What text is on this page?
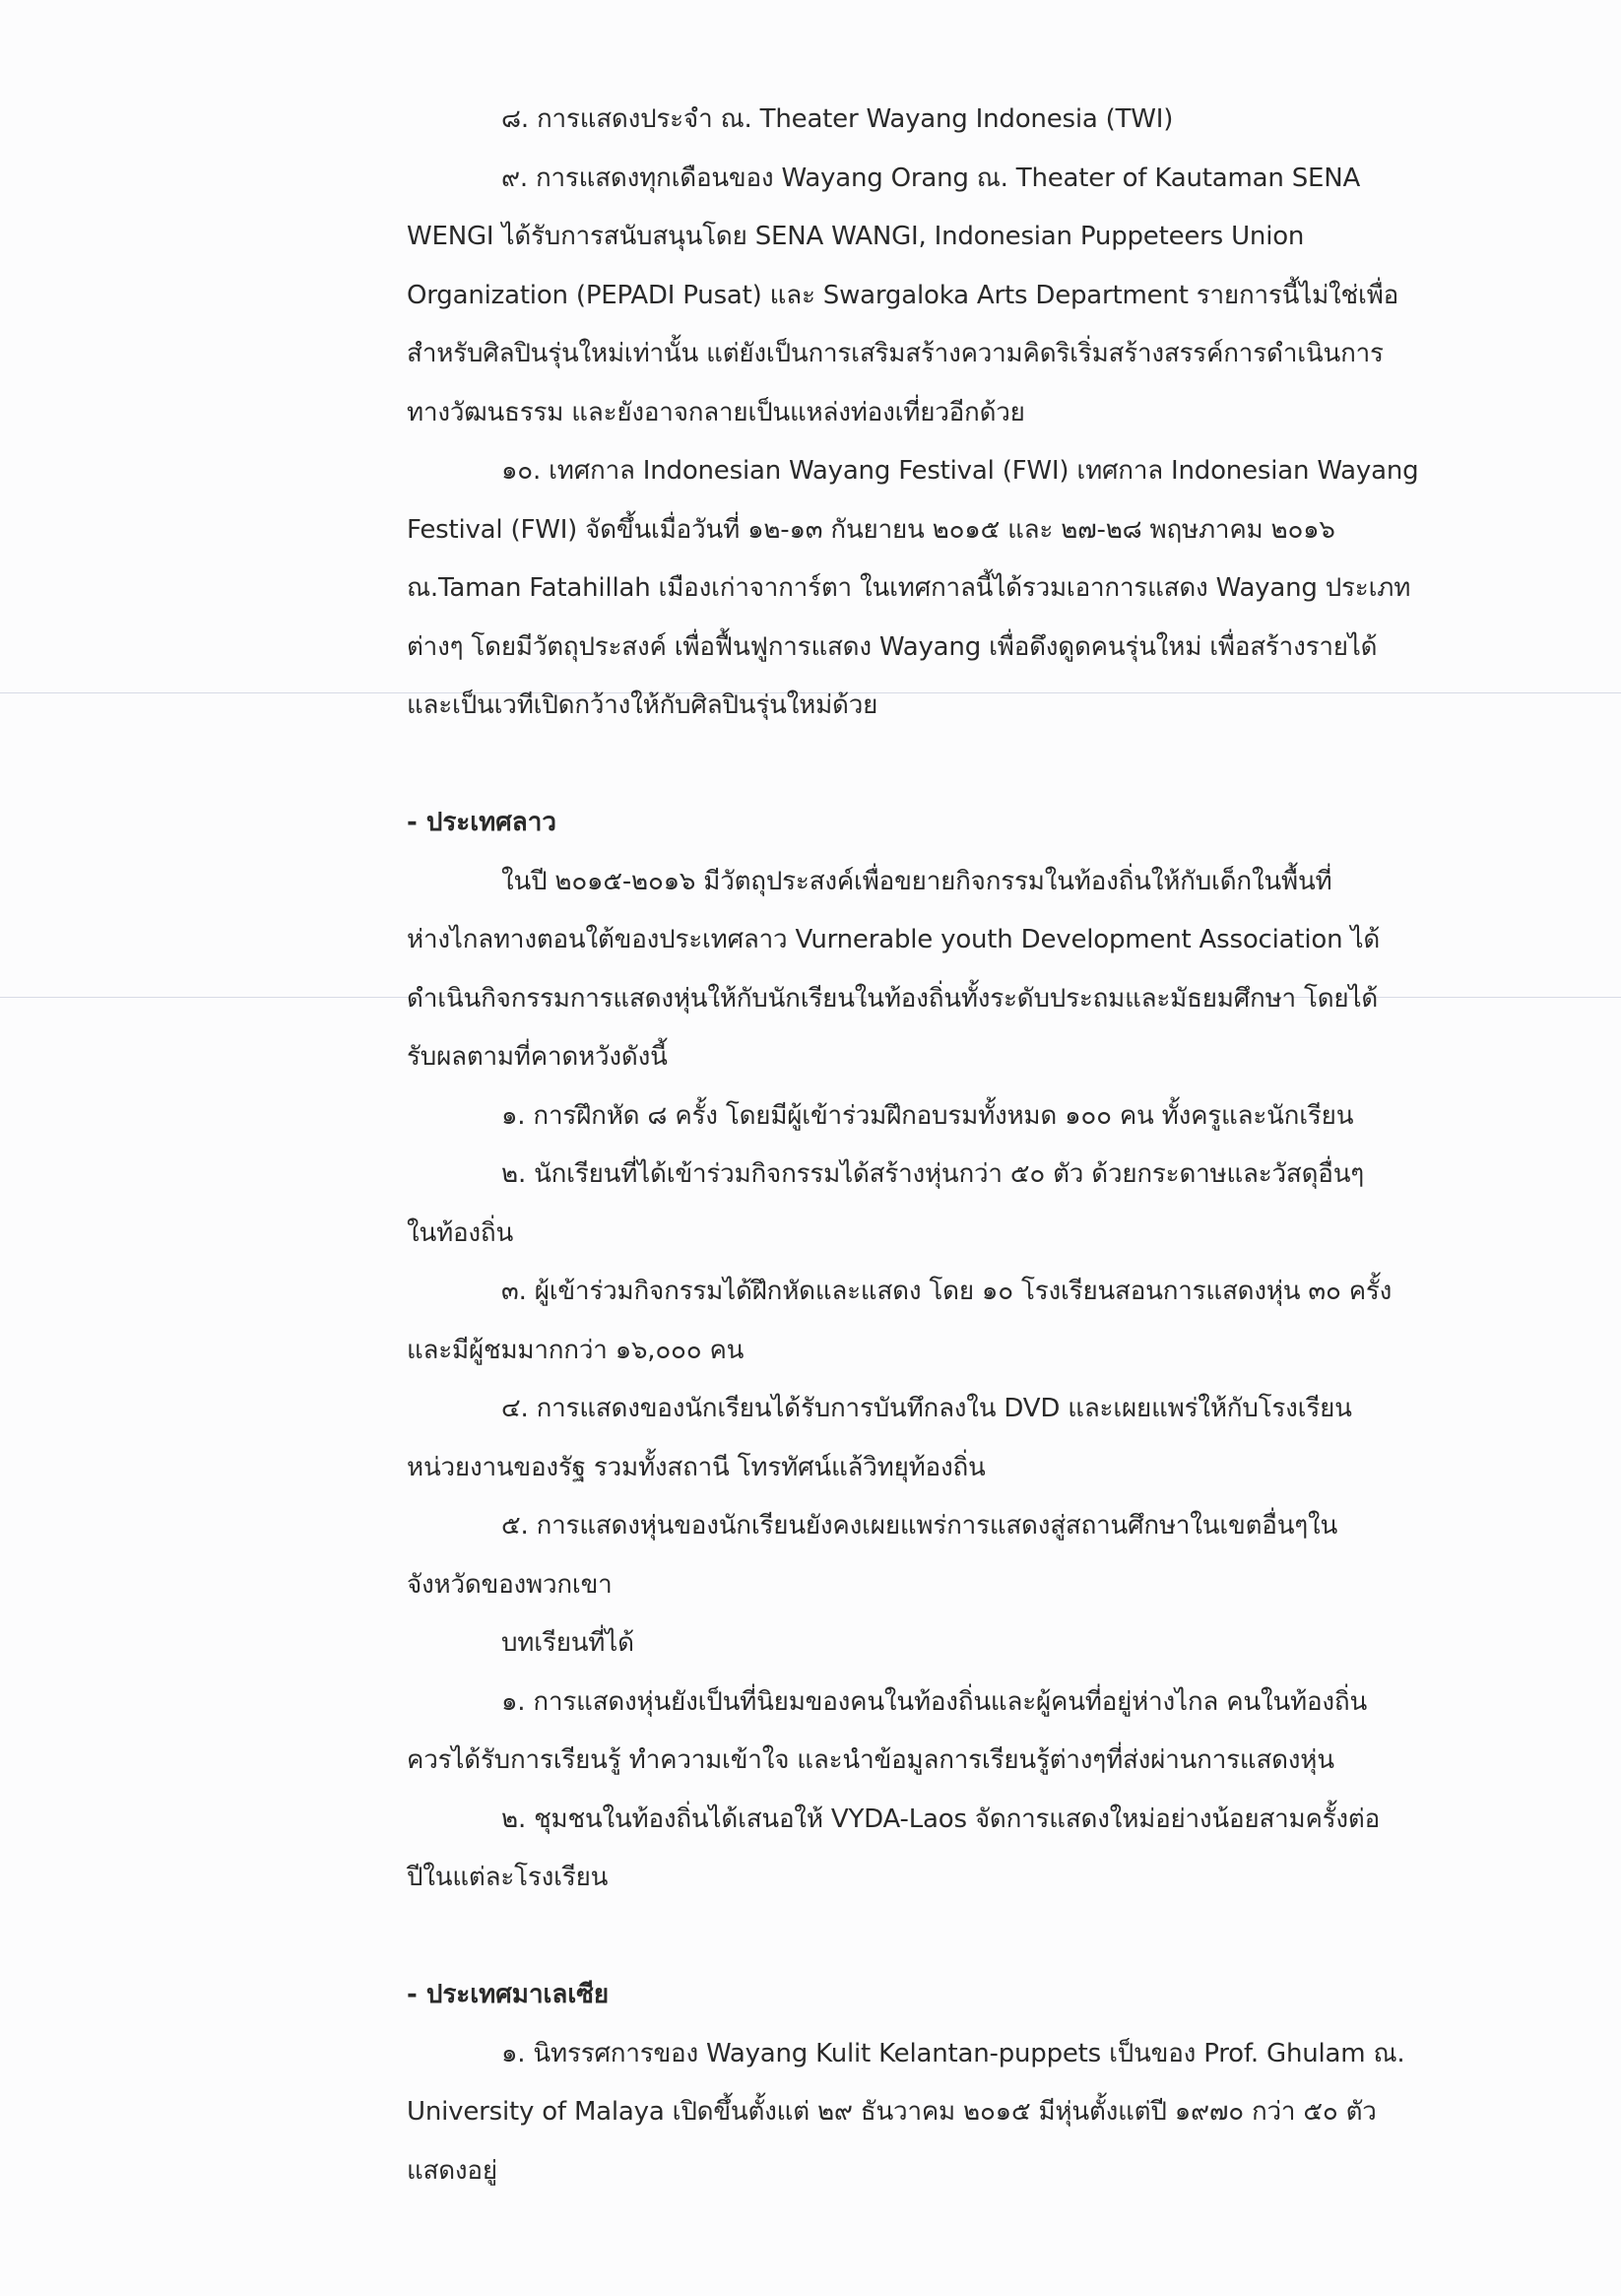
๘. การแสดงประจำ ณ. Theater Wayang Indonesia (TWI)

๙. การแสดงทุกเดือนของ Wayang Orang ณ. Theater of Kautaman SENA

WENGI ได้รับการสนับสนุนโดย SENA WANGI, Indonesian Puppeteers Union

Organization (PEPADI Pusat) และ Swargaloka Arts Department รายการนี้ไม่ใช่เพื่อ

สำหรับศิลปินรุ่นใหม่เท่านั้น แต่ยังเป็นการเสริมสร้างความคิดริเริ่มสร้างสรรค์การดำเนินการ

ทางวัฒนธรรม และยังอาจกลายเป็นแหล่งท่องเที่ยวอีกด้วย

๑๐. เทศกาล Indonesian Wayang Festival (FWI) เทศกาล Indonesian Wayang

Festival (FWI) จัดขึ้นเมื่อวันที่ ๑๒-๑๓ กันยายน ๒๐๑๕ และ ๒๗-๒๘ พฤษภาคม ๒๐๑๖

ณ.Taman Fatahillah เมืองเก่าจาการ์ตา ในเทศกาลนี้ได้รวมเอาการแสดง Wayang ประเภท

ต่างๆ โดยมีวัตถุประสงค์ เพื่อฟื้นฟูการแสดง Wayang เพื่อดึงดูดคนรุ่นใหม่ เพื่อสร้างรายได้

และเป็นเวทีเปิดกว้างให้กับศิลปินรุ่นใหม่ด้วย

- ประเทศลาว

ในปี ๒๐๑๕-๒๐๑๖ มีวัตถุประสงค์เพื่อขยายกิจกรรมในท้องถิ่นให้กับเด็กในพื้นที่

ห่างไกลทางตอนใต้ของประเทศลาว Vurnerable youth Development Association ได้

ดำเนินกิจกรรมการแสดงหุ่นให้กับนักเรียนในท้องถิ่นทั้งระดับประถมและมัธยมศึกษา โดยได้

รับผลตามที่คาดหวังดังนี้

๑. การฝึกหัด ๘ ครั้ง โดยมีผู้เข้าร่วมฝึกอบรมทั้งหมด ๑๐๐ คน ทั้งครูและนักเรียน

๒. นักเรียนที่ได้เข้าร่วมกิจกรรมได้สร้างหุ่นกว่า ๕๐ ตัว ด้วยกระดาษและวัสดุอื่นๆ

ในท้องถิ่น

๓. ผู้เข้าร่วมกิจกรรมได้ฝึกหัดและแสดง โดย ๑๐ โรงเรียนสอนการแสดงหุ่น ๓๐ ครั้ง

และมีผู้ชมมากกว่า ๑๖,๐๐๐ คน

๔. การแสดงของนักเรียนได้รับการบันทึกลงใน DVD และเผยแพร่ให้กับโรงเรียน

หน่วยงานของรัฐ รวมทั้งสถานี โทรทัศน์แล้วิทยุท้องถิ่น

๕. การแสดงหุ่นของนักเรียนยังคงเผยแพร่การแสดงสู่สถานศึกษาในเขตอื่นๆใน

จังหวัดของพวกเขา

บทเรียนที่ได้

๑. การแสดงหุ่นยังเป็นที่นิยมของคนในท้องถิ่นและผู้คนที่อยู่ห่างไกล คนในท้องถิ่น

ควรได้รับการเรียนรู้ ทำความเข้าใจ และนำข้อมูลการเรียนรู้ต่างๆที่ส่งผ่านการแสดงหุ่น

๒. ชุมชนในท้องถิ่นได้เสนอให้ VYDA-Laos จัดการแสดงใหม่อย่างน้อยสามครั้งต่อ

ปีในแต่ละโรงเรียน

- ประเทศมาเลเซีย

๑. นิทรรศการของ Wayang Kulit Kelantan-puppets เป็นของ Prof. Ghulam ณ.

University of Malaya เปิดขึ้นตั้งแต่ ๒๙ ธันวาคม ๒๐๑๕ มีหุ่นตั้งแต่ปี ๑๙๗๐ กว่า ๕๐ ตัว

แสดงอยู่
